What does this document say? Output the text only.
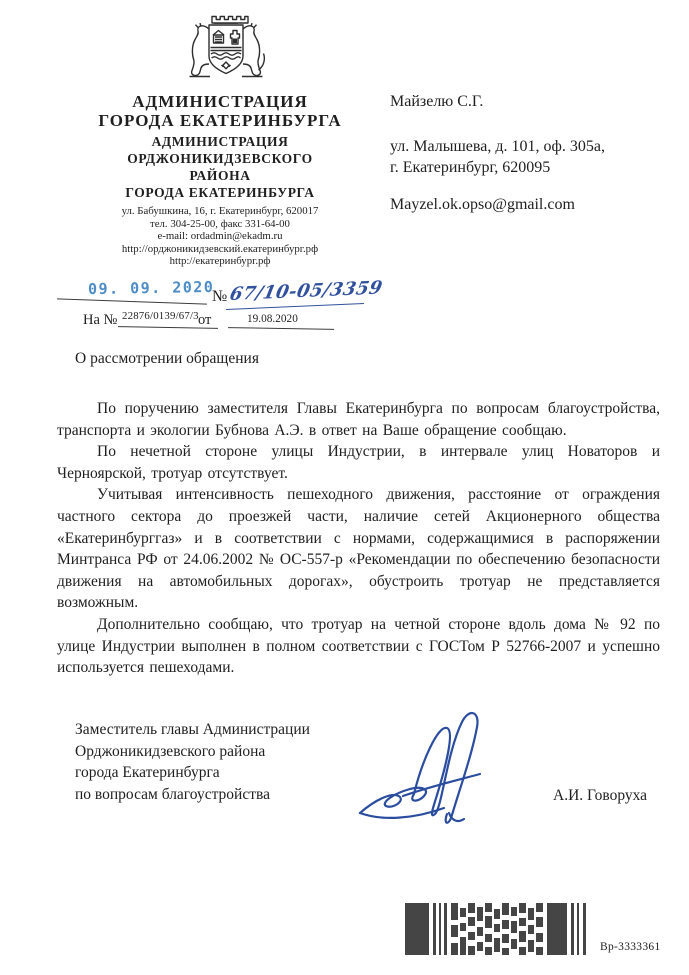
АДМИНИСТРАЦИЯ
ГОРОДА ЕКАТЕРИНБУРГА
АДМИНИСТРАЦИЯ
ОРДЖОНИКИДЗЕВСКОГО
РАЙОНА
ГОРОДА ЕКАТЕРИНБУРГА
ул. Бабушкина, 16, г. Екатеринбург, 620017
тел. 304-25-00, факс 331-64-00
e-mail: ordadmin@ekadm.ru
http://орджоникидзевский.екатеринбург.рф
http://екатеринбург.рф
09. 09. 2020
№ 67/10-05/3359
На № 22876/0139/67/3 от	19.08.2020
Майзелю С.Г.
ул. Малышева, д. 101, оф. 305а,
г. Екатеринбург, 620095
Mayzel.ok.opso@gmail.com
О рассмотрении обращения

По поручению заместителя Главы Екатеринбурга по вопросам благоустройства, транспорта и экологии Бубнова А.Э. в ответ на Ваше обращение сообщаю.

По нечетной стороне улицы Индустрии, в интервале улиц Новаторов и Черноярской, тротуар отсутствует.

Учитывая интенсивность пешеходного движения, расстояние от ограждения частного сектора до проезжей части, наличие сетей Акционерного общества «Екатеринбурггаз» и в соответствии с нормами, содержащимися в распоряжении Минтранса РФ от 24.06.2002 № ОС-557-р «Рекомендации по обеспечению безопасности движения на автомобильных дорогах», обустроить тротуар не представляется возможным.

Дополнительно сообщаю, что тротуар на четной стороне вдоль дома № 92 по улице Индустрии выполнен в полном соответствии с ГОСТом Р 52766-2007 и успешно используется пешеходами.

Заместитель главы Администрации
Орджоникидзевского района
города Екатеринбурга
по вопросам благоустройства	А.И. Говоруха
Вр-3333361
